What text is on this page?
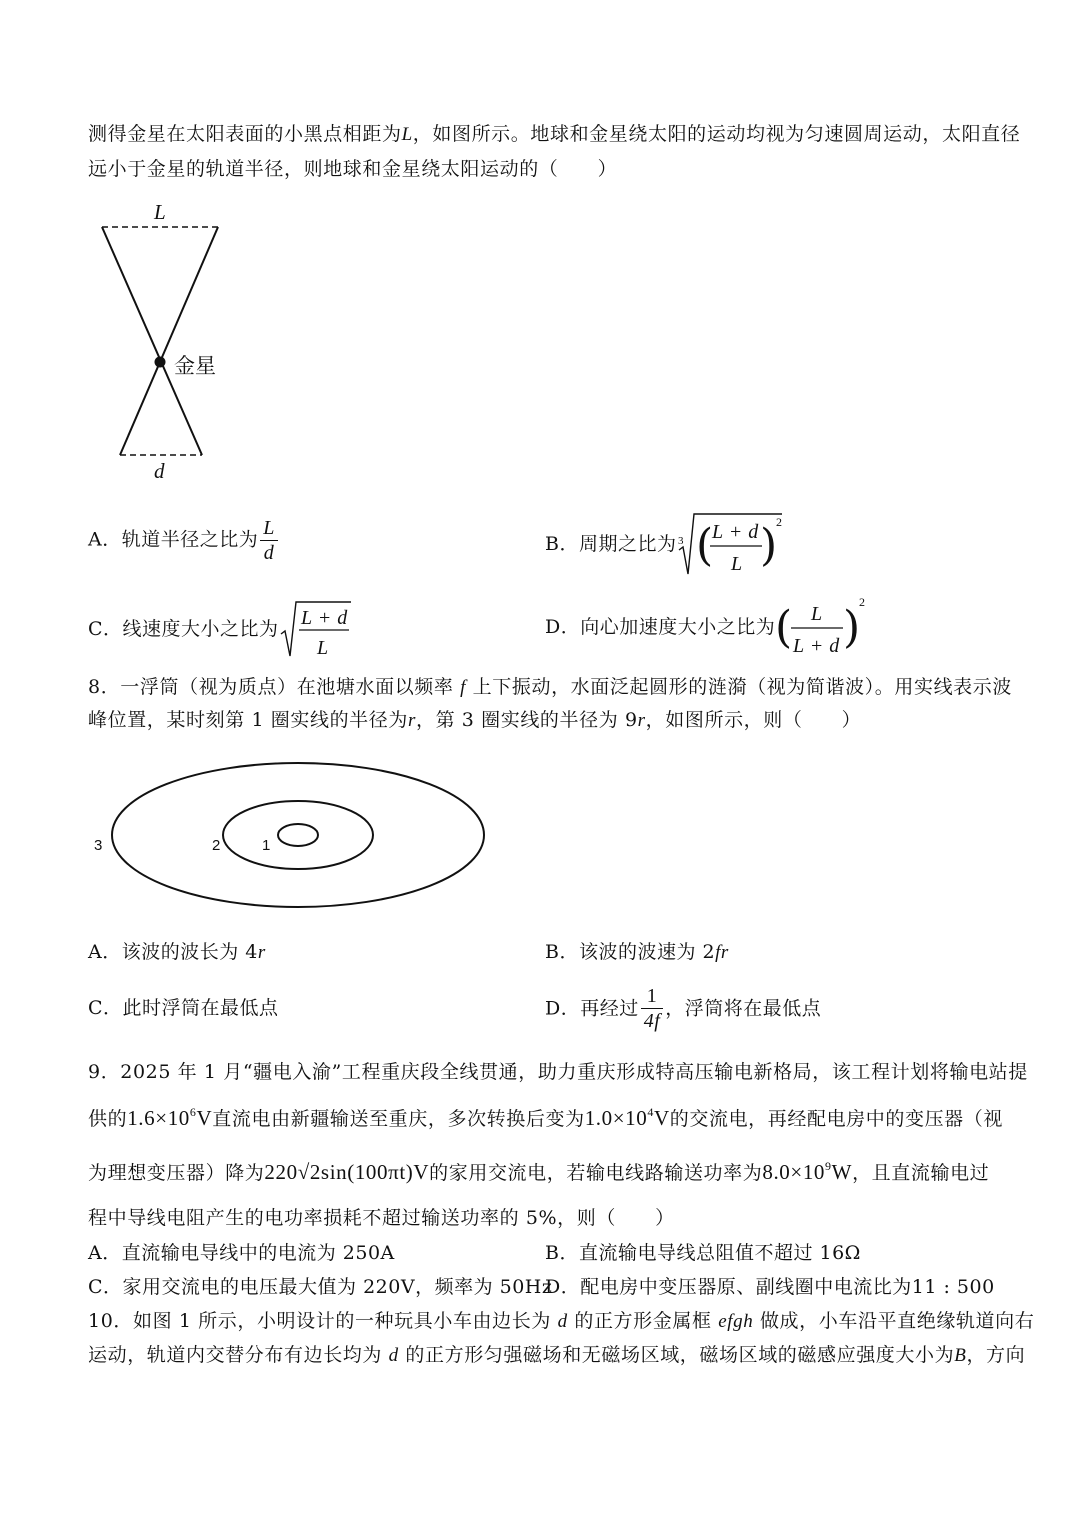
测得金星在太阳表面的小黑点相距为L，如图所示。地球和金星绕太阳的运动均视为匀速圆周运动，太阳直径
远小于金星的轨道半径，则地球和金星绕太阳运动的（　　）
L
d
金星
A．轨道半径之比为 $\frac{L}{d}$	B．周期之比为 3 (
L + d
L )
2
C．线速度大小之比为 L + d
L
D．向心加速度大小之比为 ( L
L + d )
2
8．一浮筒（视为质点）在池塘水面以频率 f 上下振动，水面泛起圆形的涟漪（视为简谐波）。用实线表示波
峰位置，某时刻第 1 圈实线的半径为r，第 3 圈实线的半径为 9r，如图所示，则（　　）
3	2	1
A．该波的波长为 4r	B．该波的波速为 2fr
C．此时浮筒在最低点	D．再经过 $\frac{1}{4f}$ ，浮筒将在最低点
9．2025 年 1 月“疆电入渝”工程重庆段全线贯通，助力重庆形成特高压输电新格局，该工程计划将输电站提
供的$1.6\times 10^6V$直流电由新疆输送至重庆，多次转换后变为$1.0\times 10^4V$的交流电，再经配电房中的变压器（视
为理想变压器）降为220√2sin(100πt)V的家用交流电，若输电线路输送功率为$8.0\times 10^9W$，且直流输电过
程中导线电阻产生的电功率损耗不超过输送功率的 5%，则（　　）
A．直流输电导线中的电流为 250A	B．直流输电导线总阻值不超过 16Ω
C．家用交流电的电压最大值为 220V，频率为 50Hz
D．配电房中变压器原、副线圈中电流比为11 : 500
10．如图 1 所示，小明设计的一种玩具小车由边长为 d 的正方形金属框 efgh 做成，小车沿平直绝缘轨道向右
运动，轨道内交替分布有边长均为 d 的正方形匀强磁场和无磁场区域，磁场区域的磁感应强度大小为B，方向
